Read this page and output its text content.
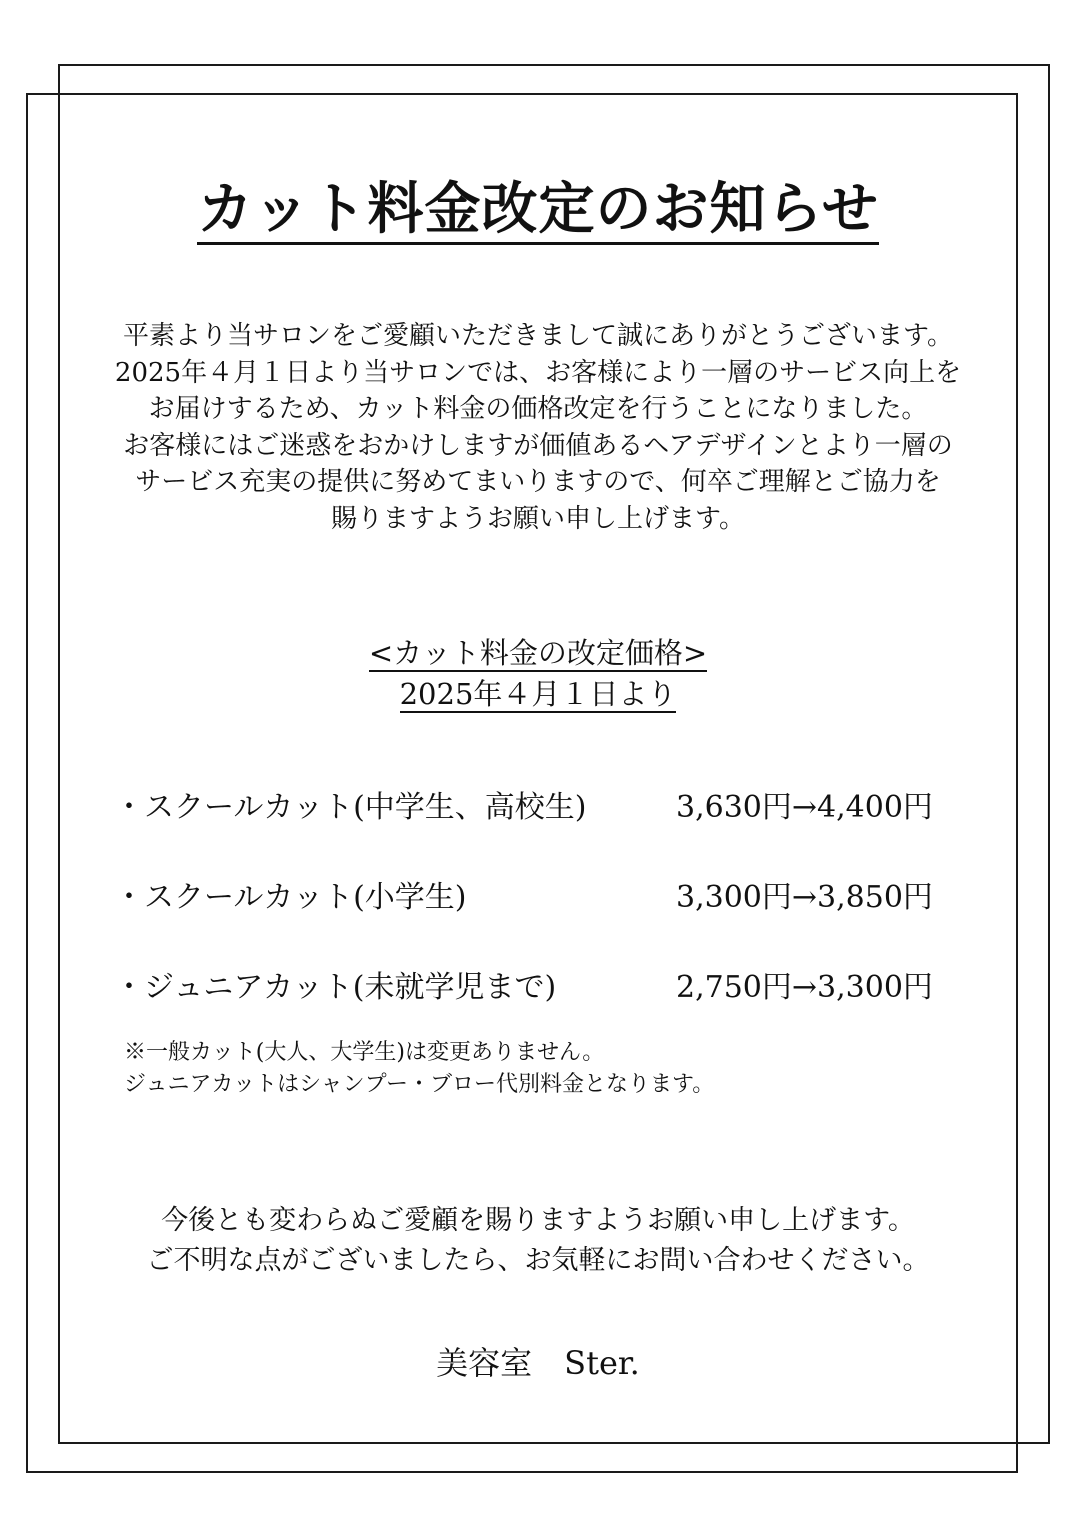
カット料金改定のお知らせ

平素より当サロンをご愛顧いただきまして誠にありがとうございます。

2025年４月１日より当サロンでは、お客様により一層のサービス向上を

お届けするため、カット料金の価格改定を行うことになりました。

お客様にはご迷惑をおかけしますが価値あるヘアデザインとより一層の

サービス充実の提供に努めてまいりますので、何卒ご理解とご協力を

賜りますようお願い申し上げます。

<カット料金の改定価格>
2025年４月１日より
・スクールカット(中学生、高校生)	3,630円→4,400円
・スクールカット(小学生)	3,300円→3,850円
・ジュニアカット(未就学児まで)	2,750円→3,300円

※一般カット(大人、大学生)は変更ありません。

ジュニアカットはシャンプー・ブロー代別料金となります。

今後とも変わらぬご愛顧を賜りますようお願い申し上げます。

ご不明な点がございましたら、お気軽にお問い合わせください。

美容室　Ster.
